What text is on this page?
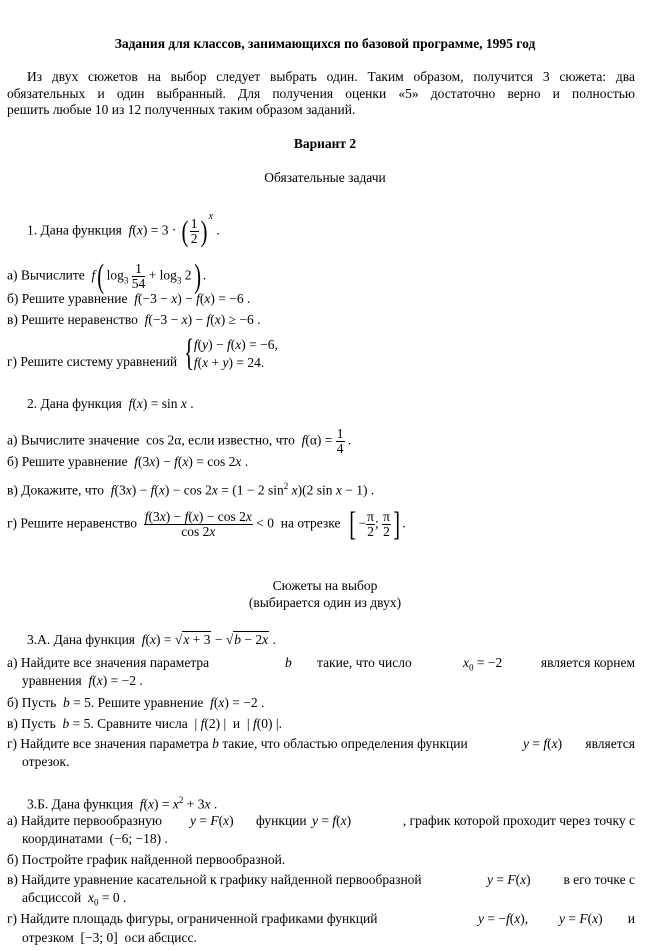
Задания для классов, занимающихся по базовой программе, 1995 год
Из двух сюжетов на выбор следует выбрать один. Таким образом, получится 3 сюжета: два
обязательных и один выбранный. Для получения оценки «5» достаточно верно и полностью
решить любые 10 из 12 полученных таким образом заданий.
Вариант 2
Обязательные задачи
1. Дана функция f(x) = 3 · ( $\frac{1}{2}$ ) $^x$ .
а) Вычислите f( $\log_3 \frac{1}{54} + \log_3 2$) .
б) Решите уравнение f(−3 − x) − f(x) = −6 .
в) Решите неравенство f(−3 − x) − f(x) ≥ −6 .
г) Решите систему уравнений { f(y) − f(x) = −6,
f(x + y) = 24.
2. Дана функция f(x) = sin x .
а) Вычислите значение  cos 2α, если известно, что $f(\alpha) = \frac{1}{4}$ .
б) Решите уравнение f(3x) − f(x) = cos 2x .
в) Докажите, что f(3x) − f(x) − cos 2x = (1 − 2 $\sin^2 x)(2$ sin x − 1) .
г) Решите неравенство $\frac{f(3x) - f(x) - \cos 2x}{\cos 2x} < 0$  на отрезке [ − $\frac{\pi}{2}$ ; $\frac{\pi}{2}$ ] .
Сюжеты на выбор
(выбирается один из двух)
3.А. Дана функция f(x) = √x + 3 − √b − 2x .
а) Найдите все значения параметра	b такие, что число	$x_0 = -2$	является корнем
уравнения f(x) = −2 .
б) Пусть b = 5. Решите уравнение f(x) = −2 .
в) Пусть b = 5. Сравните числа  | f(2) |  и  | f(0) |.
г) Найдите все значения параметра b такие, что областью определения функции	y = f(x) является
отрезок.
3.Б. Дана функция $f(x) = x^2 + 3x$ .
а) Найдите первообразную y = F(x) функции y = f(x)	, график которой проходит через точку с
координатами  (−6; −18) .
б) Постройте график найденной первообразной.
в) Найдите уравнение касательной к графику найденной первообразной	y = F(x) в его точке с
абсциссой $x_0 = 0$ .
г) Найдите площадь фигуры, ограниченной графиками функций	y = −f(x), y = F(x) и
отрезком  [−3; 0]  оси абсцисс.
